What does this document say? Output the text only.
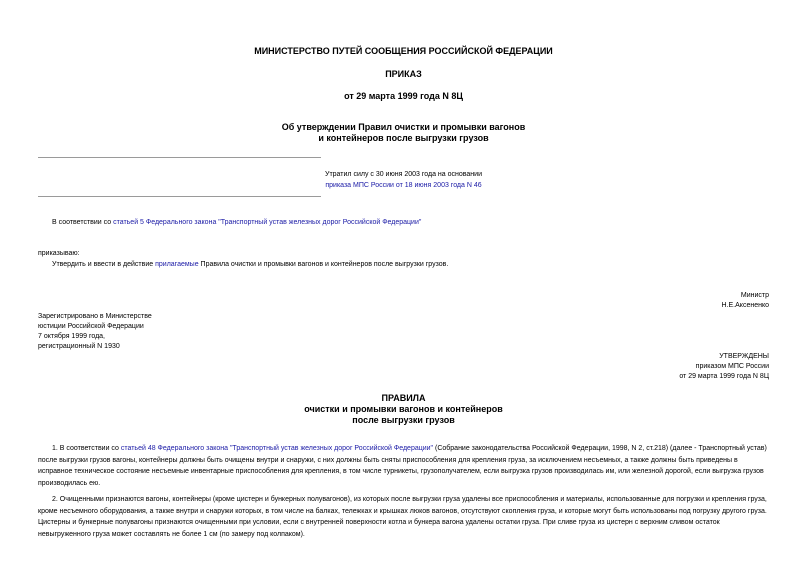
МИНИСТЕРСТВО ПУТЕЙ СООБЩЕНИЯ РОССИЙСКОЙ ФЕДЕРАЦИИ
ПРИКАЗ
от 29 марта 1999 года N 8Ц
Об утверждении Правил очистки и промывки вагонов
и контейнеров после выгрузки грузов
Утратил силу с 30 июня 2003 года на основании
приказа МПС России от 18 июня 2003 года N 46
В соответствии со статьей 5 Федерального закона "Транспортный устав железных дорог Российской Федерации"
приказываю:
Утвердить и ввести в действие прилагаемые Правила очистки и промывки вагонов и контейнеров после выгрузки грузов.
Министр
Н.Е.Аксененко
Зарегистрировано в Министерстве
юстиции Российской Федерации
7 октября 1999 года,
регистрационный N 1930
УТВЕРЖДЕНЫ
приказом МПС России
от 29 марта 1999 года N 8Ц
ПРАВИЛА
очистки и промывки вагонов и контейнеров
после выгрузки грузов
1. В соответствии со статьей 48 Федерального закона "Транспортный устав железных дорог Российской Федерации" (Собрание законодательства Российской Федерации, 1998, N 2, ст.218) (далее - Транспортный устав) после выгрузки грузов вагоны, контейнеры должны быть очищены внутри и снаружи, с них должны быть сняты приспособления для крепления груза, за исключением несъемных, а также должны быть приведены в исправное техническое состояние несъемные инвентарные приспособления для крепления, в том числе турникеты, грузополучателем, если выгрузка грузов производилась им, или железной дорогой, если выгрузка грузов производилась ею.
2. Очищенными признаются вагоны, контейнеры (кроме цистерн и бункерных полувагонов), из которых после выгрузки груза удалены все приспособления и материалы, использованные для погрузки и крепления груза, кроме несъемного оборудования, а также внутри и снаружи которых, в том числе на балках, тележках и крышках люков вагонов, отсутствуют скопления груза, и которые могут быть использованы под погрузку другого груза. Цистерны и бункерные полувагоны признаются очищенными при условии, если с внутренней поверхности котла и бункера вагона удалены остатки груза. При сливе груза из цистерн с верхним сливом остаток невыгруженного груза может составлять не более 1 см (по замеру под колпаком).
